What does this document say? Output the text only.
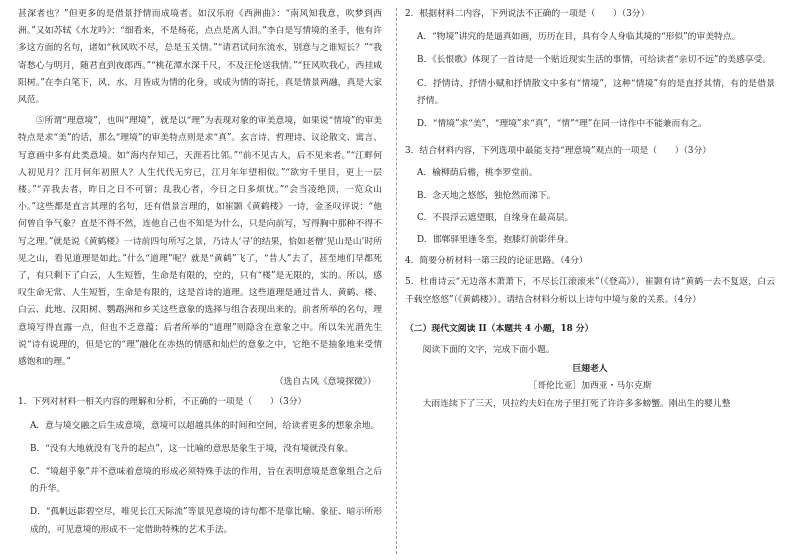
甚深者也？”但更多的是借景抒情而成境者。如汉乐府《西洲曲》：“南风知我意，吹梦到西洲。”又如苏轼《水龙吟》：“细看来，不是杨花，点点是离人泪。”李白是写情境的圣手，他有许多这方面的名句，诸如“秋风吹不尽，总是玉关情。”“请君试问东流水，别意与之谁短长？”“我寄愁心与明月，随君直到夜郎西。”“桃花潭水深千尺，不及汪伦送我情。”“狂风吹我心，西挂咸阳树。”在李白笔下，风、水、月皆成为情的化身，或成为情的寄托，真是情景两融，真是大家风范。

⑤所谓“理意境”，也叫“理境”，就是以“理”为表现对象的审美意境，如果说“情境”的审美特点是求“美”的话，那么“理境”的审美特点则是求“真”。玄言诗、哲理诗、议论散文、寓言、写意画中多有此类意境。如“海内存知己，天涯若比邻。”“前不见古人，后不见来者。”“江畔何人初见月？江月何年初照人？人生代代无穷已，江月年年望相似。”“欲穷千里目，更上一层楼。”“弄我去者，昨日之日不可留；乱我心者，今日之日多烦忧。”“会当凌绝顶，一览众山小。”这些都是直言其理的名句，还有借景言理的，如崔颢《黄鹤楼》一诗，金圣叹评说：“他何曾自争气象？直是不得不然，连他自己也不知是为什么，只是向前写，写得胸中那种不得不写之理。”就是说《黄鹤楼》一诗前四句所写之景，乃诗人‘寻’的结果，恰如老僧‘见山是山’时所见之山，看见道理是如此。”什么“道理”呢？就是“黄鹤”飞了，“昔人”去了，甚至地们早都死了，有只剩下了白云，人生短暂，生命是有限的，空的，只有“楼”是无限的，实的。所以，感叹生命无常、人生短暂，生命是有限的，这是首诗的道理。这些道理是通过昔人、黄鹤、楼、白云、此地、汉阳树、鹦鹉洲和乡关这些意象的选择与组合表现出来的。前者所举的名句，理意境写得直露一点，但也不乏意蕴；后者所举的“道理”则隐含在意象之中。所以朱光潜先生说“诗有说理的，但是它的“理”融化在赤热的情感和灿烂的意象之中，它绝不是抽象地来受情感饱和的理。”

（选自古风《意境探微》）

1．下列对材料一相关内容的理解和分析，不正确的一项是（　　）（3分）

A．意与境交融之后生成意境，意境可以超越具体的时间和空间，给读者更多的想象余地。

B．“没有大地就没有飞升的起点”，这一比喻的意思是象生于境，没有境就没有象。

C．“境超乎象”并不意味着意境的形成必须特殊手法的作用，旨在表明意境是意象组合之后的升华。

D．“孤帆远影碧空尽，唯见长江天际流”等景见意境的诗句都不是靠比喻、象征、暗示所形成的，可见意境的形成不一定借助特殊的艺术手法。

2．根据材料二内容，下列说法不正确的一项是（　　）（3分）

A．“物境”讲究的是逼真如画，历历在目，具有令人身临其境的“形似”的审美特点。

B．《长恨歌》体现了一首诗是一个贴近现实生活的事情，可给读者“亲切不远”的美感享受。

C．抒情诗、抒情小赋和抒情散文中多有“情境”，这种“情境”有的是直抒其情，有的是借景抒情。

D．“情境”求“美”，“理境”求“真”，“情”“理”在同一诗作中不能兼而有之。

3．结合材料内容，下列选项中最能支持“理意境”观点的一项是（　　）（3分）

A．榆柳荫后檐，桃李罗堂前。

B．念天地之悠悠，独怆然而涕下。

C．不畏浮云遮望眼，自缘身在最高层。

D．邯郸驿里逢冬至，抱膝灯前影伴身。

4．简要分析材料一第三段的论证思路。（4分）

5．杜甫诗云“无边落木萧萧下，不尽长江滚滚来”（《登高》），崔颢有诗“黄鹤一去不复返，白云千载空悠悠”（《黄鹤楼》）。请结合材料分析以上诗句中境与象的关系。（4分）

（二）现代文阅读 II（本题共 4 小题，18 分）

阅读下面的文字，完成下面小题。

巨翅老人

［哥伦比亚］加西亚・马尔克斯

大雨连续下了三天，贝拉约夫妇在房子里打死了许许多多螃蟹。刚出生的婴儿整
